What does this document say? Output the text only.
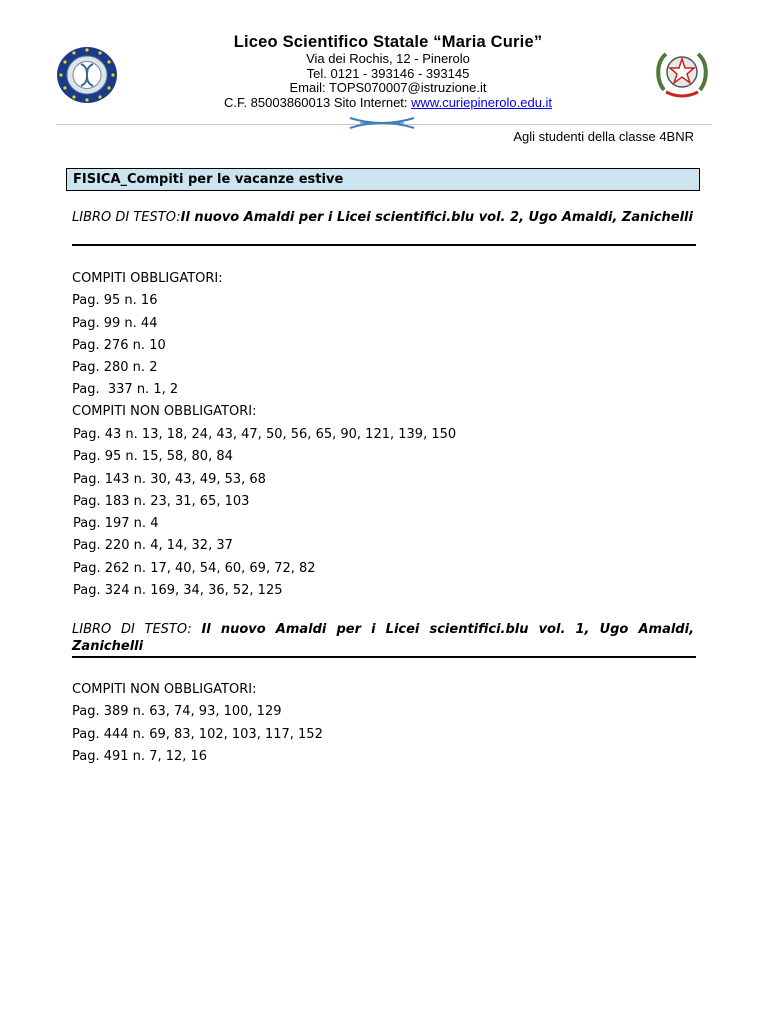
Liceo Scientifico Statale “Maria Curie”
Via dei Rochis, 12 - Pinerolo
Tel. 0121 - 393146 - 393145
Email: TOPS070007@istruzione.it
C.F. 85003860013 Sito Internet: www.curiepinerolo.edu.it
Agli studenti della classe 4BNR
FISICA_Compiti per le vacanze estive
LIBRO DI TESTO:Il nuovo Amaldi per i Licei scientifici.blu vol. 2, Ugo Amaldi, Zanichelli
COMPITI OBBLIGATORI:
Pag. 95 n. 16
Pag. 99 n. 44
Pag. 276 n. 10
Pag. 280 n. 2
Pag.  337 n. 1, 2
COMPITI NON OBBLIGATORI:
Pag. 43 n. 13, 18, 24, 43, 47, 50, 56, 65, 90, 121, 139, 150
Pag. 95 n. 15, 58, 80, 84
Pag. 143 n. 30, 43, 49, 53, 68
Pag. 183 n. 23, 31, 65, 103
Pag. 197 n. 4
Pag. 220 n. 4, 14, 32, 37
Pag. 262 n. 17, 40, 54, 60, 69, 72, 82
Pag. 324 n. 169, 34, 36, 52, 125
LIBRO DI TESTO: Il nuovo Amaldi per i Licei scientifici.blu vol. 1, Ugo Amaldi, Zanichelli
COMPITI NON OBBLIGATORI:
Pag. 389 n. 63, 74, 93, 100, 129
Pag. 444 n. 69, 83, 102, 103, 117, 152
Pag. 491 n. 7, 12, 16
